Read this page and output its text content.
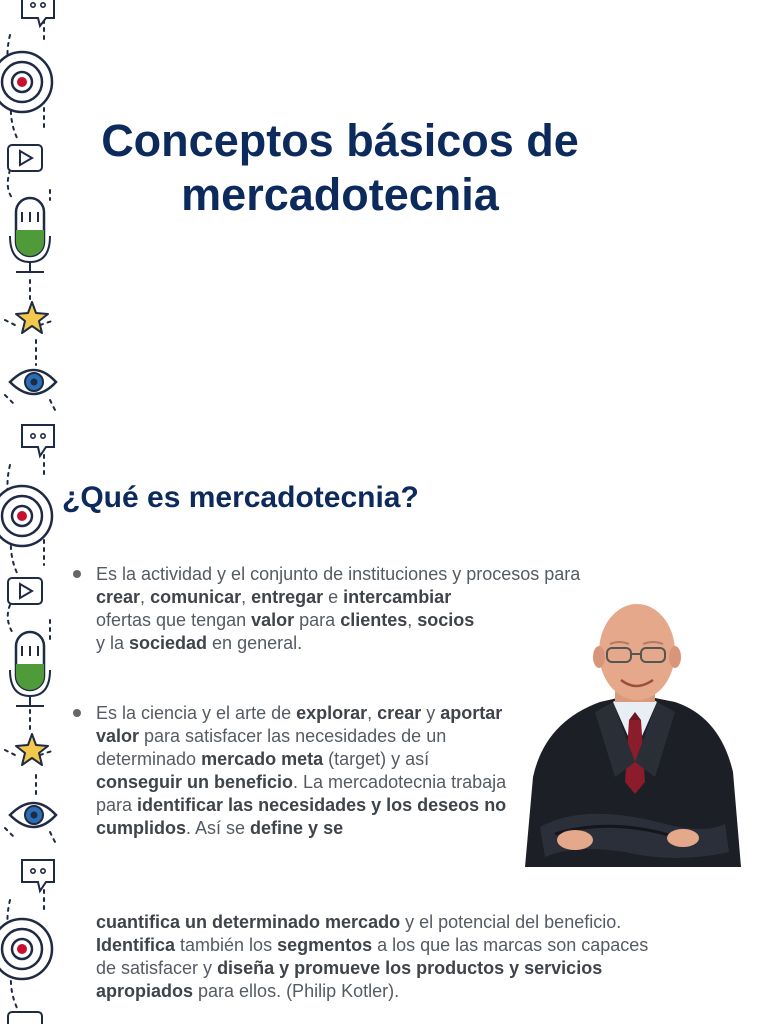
Conceptos básicos de
mercadotecnia
¿Qué es mercadotecnia?
Es la actividad y el conjunto de instituciones y procesos para crear, comunicar, entregar e intercambiar
ofertas que tengan valor para clientes, socios
y la sociedad en general.
Es la ciencia y el arte de explorar, crear y aportar valor para satisfacer las necesidades de un determinado mercado meta (target) y así conseguir un beneficio. La mercadotecnia trabaja para identificar las necesidades y los deseos no cumplidos. Así se define y se
cuantifica un determinado mercado y el potencial del beneficio. Identifica también los segmentos a los que las marcas son capaces de satisfacer y diseña y promueve los productos y servicios apropiados para ellos. (Philip Kotler).
